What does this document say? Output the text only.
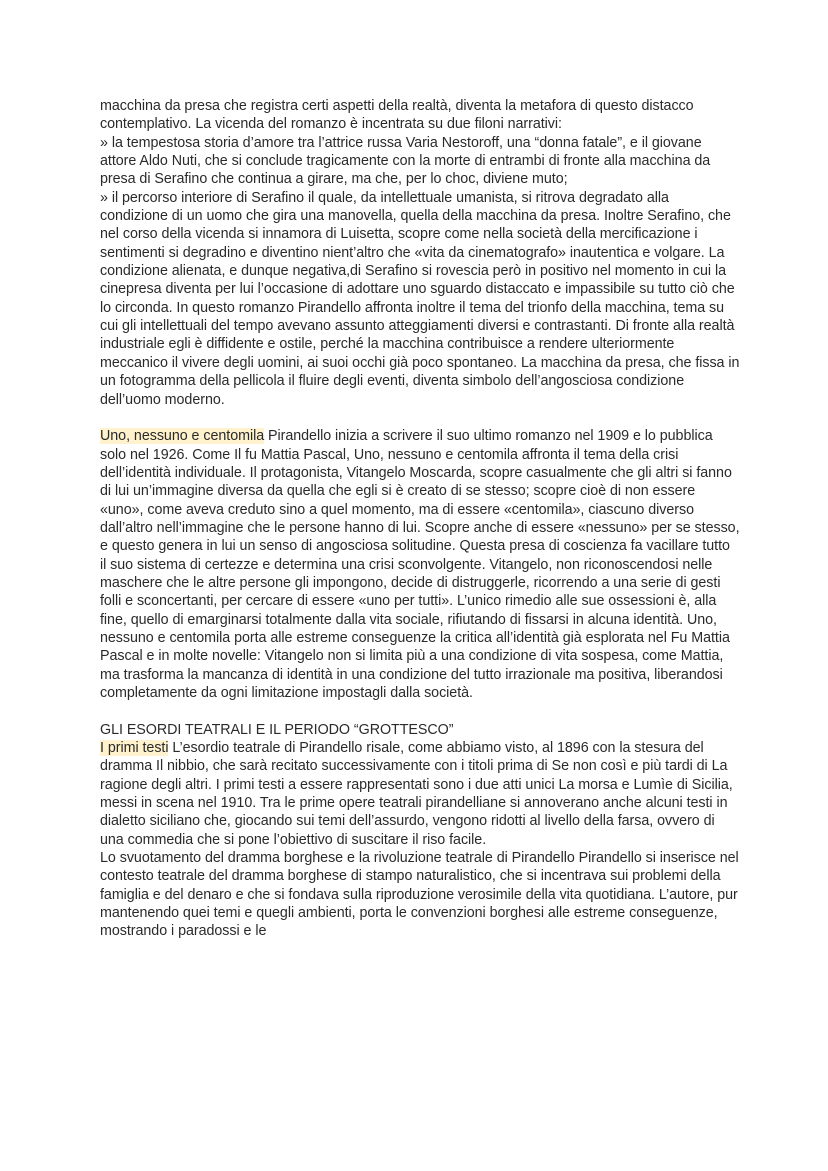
macchina da presa che registra certi aspetti della realtà, diventa la metafora di questo distacco contemplativo. La vicenda del romanzo è incentrata su due filoni narrativi:

» la tempestosa storia d’amore tra l’attrice russa Varia Nestoroff, una “donna fatale”, e il giovane attore Aldo Nuti, che si conclude tragicamente con la morte di entrambi di fronte alla macchina da presa di Serafino che continua a girare, ma che, per lo choc, diviene muto;

» il percorso interiore di Serafino il quale, da intellettuale umanista, si ritrova degradato alla condizione di un uomo che gira una manovella, quella della macchina da presa. Inoltre Serafino, che nel corso della vicenda si innamora di Luisetta, scopre come nella società della mercificazione i sentimenti si degradino e diventino nient’altro che «vita da cinematografo» inautentica e volgare. La condizione alienata, e dunque negativa,di Serafino si rovescia però in positivo nel momento in cui la cinepresa diventa per lui l’occasione di adottare uno sguardo distaccato e impassibile su tutto ciò che lo circonda. In questo romanzo Pirandello affronta inoltre il tema del trionfo della macchina, tema su cui gli intellettuali del tempo avevano assunto atteggiamenti diversi e contrastanti. Di fronte alla realtà industriale egli è diffidente e ostile, perché la macchina contribuisce a rendere ulteriormente meccanico il vivere degli uomini, ai suoi occhi già poco spontaneo. La macchina da presa, che fissa in un fotogramma della pellicola il fluire degli eventi, diventa simbolo dell’angosciosa condizione dell’uomo moderno.

Uno, nessuno e centomila Pirandello inizia a scrivere il suo ultimo romanzo nel 1909 e lo pubblica solo nel 1926. Come Il fu Mattia Pascal, Uno, nessuno e centomila affronta il tema della crisi dell’identità individuale. Il protagonista, Vitangelo Moscarda, scopre casualmente che gli altri si fanno di lui un’immagine diversa da quella che egli si è creato di se stesso; scopre cioè di non essere «uno», come aveva creduto sino a quel momento, ma di essere «centomila», ciascuno diverso dall’altro nell’immagine che le persone hanno di lui. Scopre anche di essere «nessuno» per se stesso, e questo genera in lui un senso di angosciosa solitudine. Questa presa di coscienza fa vacillare tutto il suo sistema di certezze e determina una crisi sconvolgente. Vitangelo, non riconoscendosi nelle maschere che le altre persone gli impongono, decide di distruggerle, ricorrendo a una serie di gesti folli e sconcertanti, per cercare di essere «uno per tutti». L’unico rimedio alle sue ossessioni è, alla fine, quello di emarginarsi totalmente dalla vita sociale, rifiutando di fissarsi in alcuna identità. Uno, nessuno e centomila porta alle estreme conseguenze la critica all’identità già esplorata nel Fu Mattia Pascal e in molte novelle: Vitangelo non si limita più a una condizione di vita sospesa, come Mattia, ma trasforma la mancanza di identità in una condizione del tutto irrazionale ma positiva, liberandosi completamente da ogni limitazione impostagli dalla società.

GLI ESORDI TEATRALI E IL PERIODO “GROTTESCO”

I primi testi L’esordio teatrale di Pirandello risale, come abbiamo visto, al 1896 con la stesura del dramma Il nibbio, che sarà recitato successivamente con i titoli prima di Se non così e più tardi di La ragione degli altri. I primi testi a essere rappresentati sono i due atti unici La morsa e Lumìe di Sicilia, messi in scena nel 1910. Tra le prime opere teatrali pirandelliane si annoverano anche alcuni testi in dialetto siciliano che, giocando sui temi dell’assurdo, vengono ridotti al livello della farsa, ovvero di una commedia che si pone l’obiettivo di suscitare il riso facile.

Lo svuotamento del dramma borghese e la rivoluzione teatrale di Pirandello Pirandello si inserisce nel contesto teatrale del dramma borghese di stampo naturalistico, che si incentrava sui problemi della famiglia e del denaro e che si fondava sulla riproduzione verosimile della vita quotidiana. L’autore, pur mantenendo quei temi e quegli ambienti, porta le convenzioni borghesi alle estreme conseguenze, mostrando i paradossi e le
